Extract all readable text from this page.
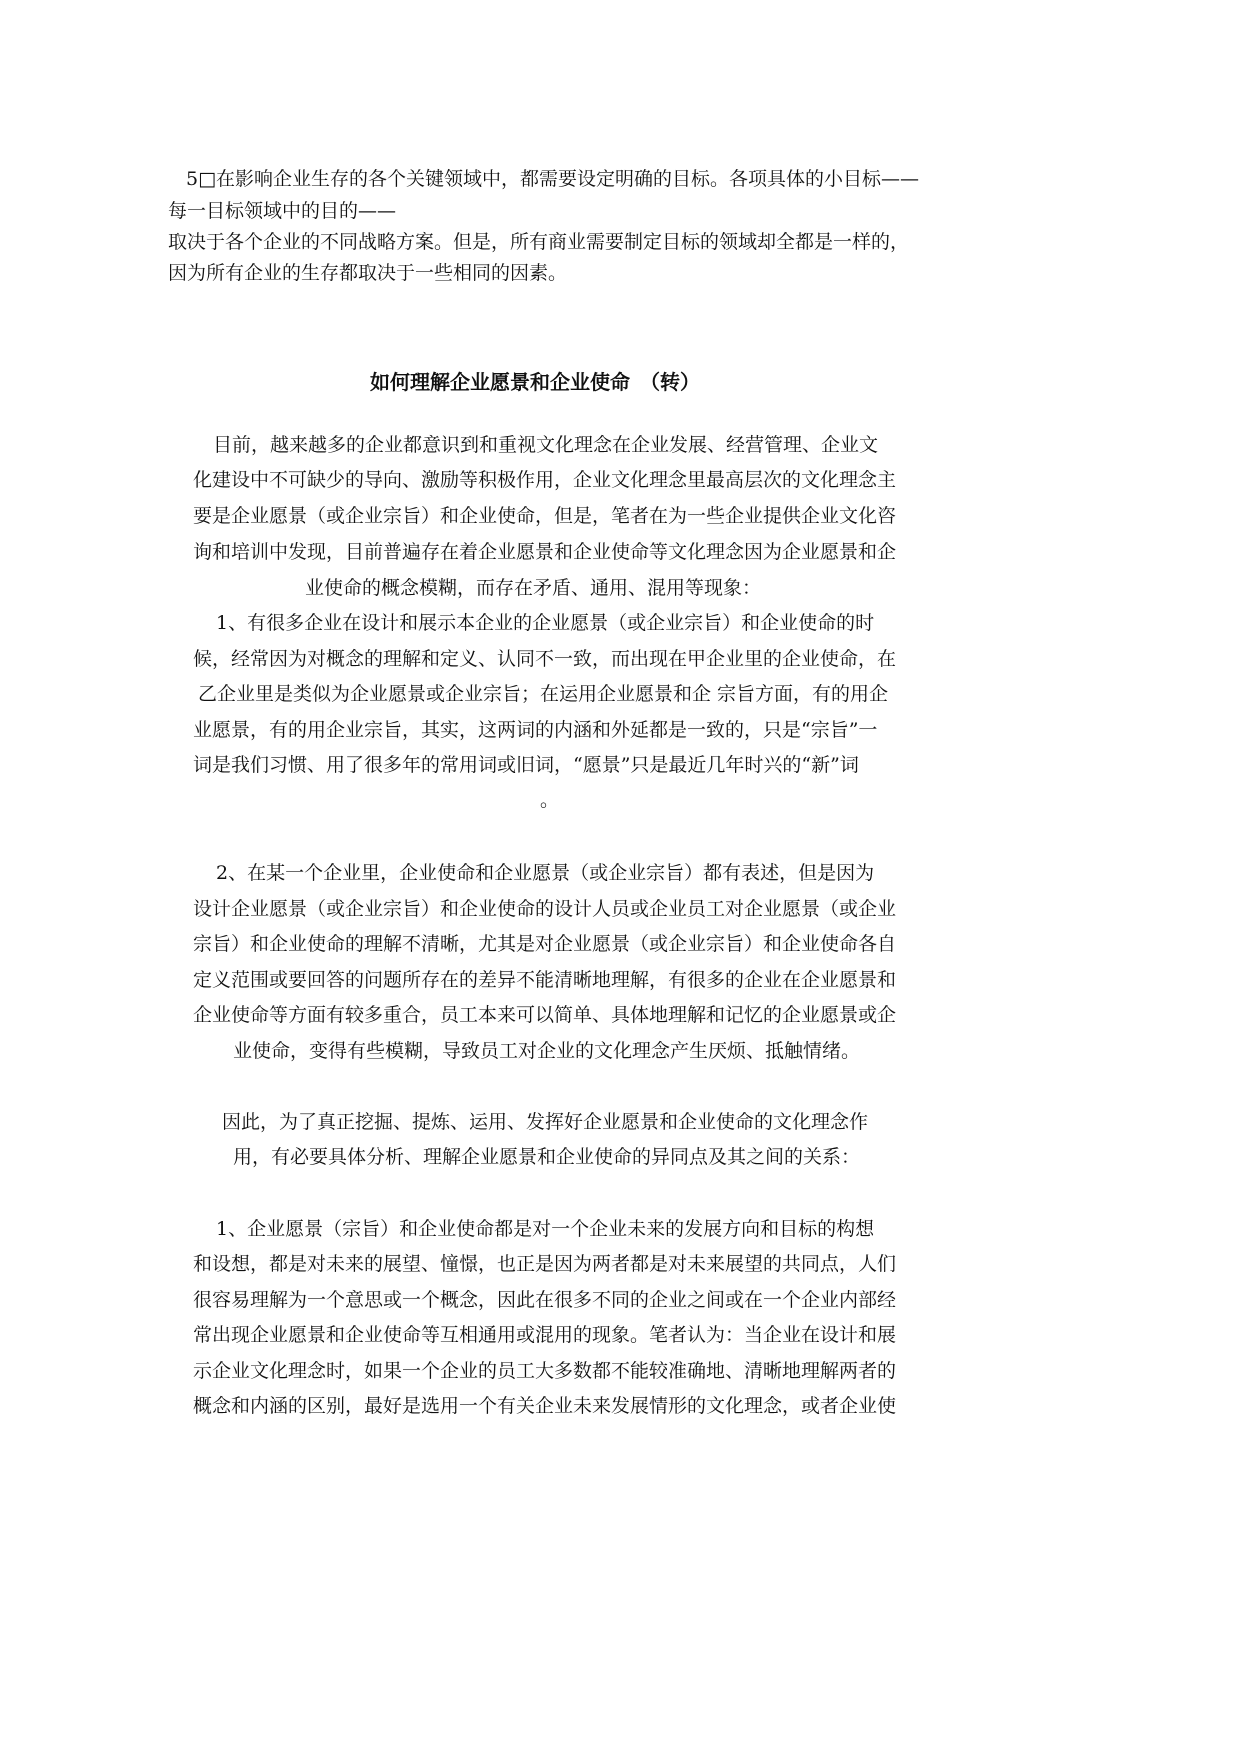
5□在影响企业生存的各个关键领域中，都需要设定明确的目标。各项具体的小目标——
每一目标领域中的目的——
取决于各个企业的不同战略方案。但是，所有商业需要制定目标的领域却全都是一样的，
因为所有企业的生存都取决于一些相同的因素。
如何理解企业愿景和企业使命　（转）
目前，越来越多的企业都意识到和重视文化理念在企业发展、经营管理、企业文
化建设中不可缺少的导向、激励等积极作用，企业文化理念里最高层次的文化理念主
要是企业愿景（或企业宗旨）和企业使命，但是，笔者在为一些企业提供企业文化咨
询和培训中发现，目前普遍存在着企业愿景和企业使命等文化理念因为企业愿景和企
业使命的概念模糊，而存在矛盾、通用、混用等现象：
1、有很多企业在设计和展示本企业的企业愿景（或企业宗旨）和企业使命的时
候，经常因为对概念的理解和定义、认同不一致，而出现在甲企业里的企业使命，在
乙企业里是类似为企业愿景或企业宗旨；在运用企业愿景和企 宗旨方面，有的用企
业愿景，有的用企业宗旨，其实，这两词的内涵和外延都是一致的，只是“宗旨”一
词是我们习惯、用了很多年的常用词或旧词，“愿景”只是最近几年时兴的“新”词
。
2、在某一个企业里，企业使命和企业愿景（或企业宗旨）都有表述，但是因为
设计企业愿景（或企业宗旨）和企业使命的设计人员或企业员工对企业愿景（或企业
宗旨）和企业使命的理解不清晰，尤其是对企业愿景（或企业宗旨）和企业使命各自
定义范围或要回答的问题所存在的差异不能清晰地理解，有很多的企业在企业愿景和
企业使命等方面有较多重合，员工本来可以简单、具体地理解和记忆的企业愿景或企
业使命，变得有些模糊，导致员工对企业的文化理念产生厌烦、抵触情绪。
因此，为了真正挖掘、提炼、运用、发挥好企业愿景和企业使命的文化理念作
用，有必要具体分析、理解企业愿景和企业使命的异同点及其之间的关系：
1、企业愿景（宗旨）和企业使命都是对一个企业未来的发展方向和目标的构想
和设想，都是对未来的展望、憧憬，也正是因为两者都是对未来展望的共同点，人们
很容易理解为一个意思或一个概念，因此在很多不同的企业之间或在一个企业内部经
常出现企业愿景和企业使命等互相通用或混用的现象。笔者认为：当企业在设计和展
示企业文化理念时，如果一个企业的员工大多数都不能较准确地、清晰地理解两者的
概念和内涵的区别，最好是选用一个有关企业未来发展情形的文化理念，或者企业使
